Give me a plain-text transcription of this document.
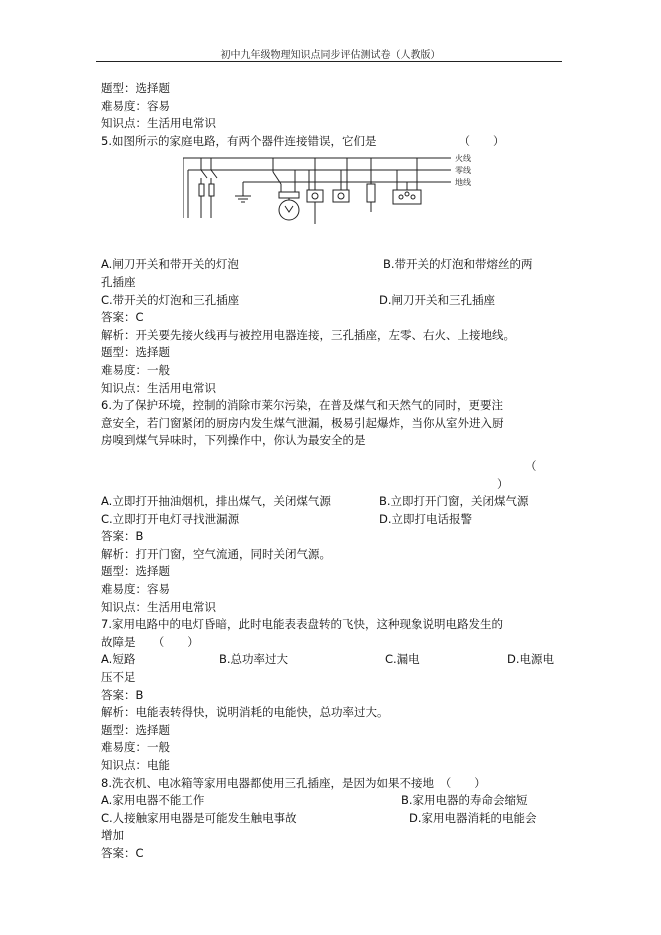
初中九年级物理知识点同步评估测试卷（人教版）
题型：选择题
难易度：容易
知识点：生活用电常识
5.如图所示的家庭电路，有两个器件连接错误，它们是	（　　）
火线
零线
地线
A.闸刀开关和带开关的灯泡	B.带开关的灯泡和带熔丝的两
孔插座
C.带开关的灯泡和三孔插座	D.闸刀开关和三孔插座
答案：C
解析：开关要先接火线再与被控用电器连接，三孔插座，左零、右火、上接地线。
题型：选择题
难易度：一般
知识点：生活用电常识
6.为了保护环境，控制的消除市莱尔污染，在普及煤气和天然气的同时，更要注
意安全，若门窗紧闭的厨房内发生煤气泄漏，极易引起爆炸，当你从室外进入厨
房嗅到煤气异味时，下列操作中，你认为最安全的是
（
）
A.立即打开抽油烟机，排出煤气，关闭煤气源	B.立即打开门窗，关闭煤气源
C.立即打开电灯寻找泄漏源	D.立即打电话报警
答案：B
解析：打开门窗，空气流通，同时关闭气源。
题型：选择题
难易度：容易
知识点：生活用电常识
7.家用电路中的电灯昏暗，此时电能表表盘转的飞快，这种现象说明电路发生的
故障是　　（　　）
A.短路	B.总功率过大	C.漏电	D.电源电
压不足
答案：B
解析：电能表转得快，说明消耗的电能快，总功率过大。
题型：选择题
难易度：一般
知识点：电能
8.洗衣机、电冰箱等家用电器都使用三孔插座，是因为如果不接地　（　　）
A.家用电器不能工作	B.家用电器的寿命会缩短
C.人接触家用电器是可能发生触电事故	D.家用电器消耗的电能会
增加
答案：C
